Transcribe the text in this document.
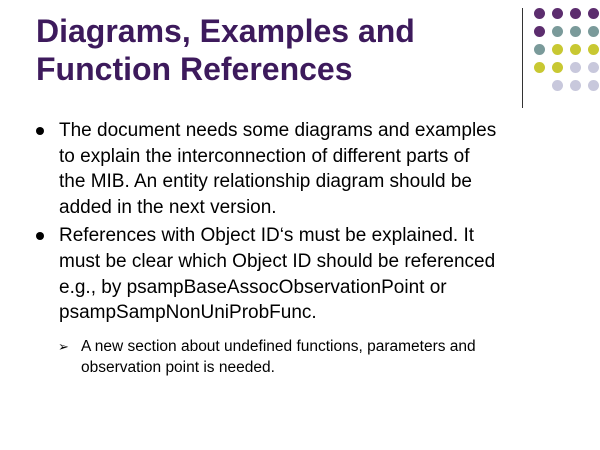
Diagrams, Examples and
Function References
The document needs some diagrams and examples
to explain the interconnection of different parts of
the MIB. An entity relationship diagram should be
added in the next version.
References with Object ID‘s must be explained. It
must be clear which Object ID should be referenced
e.g., by psampBaseAssocObservationPoint or
psampSampNonUniProbFunc.
➢ A new section about undefined functions, parameters and
observation point is needed.
